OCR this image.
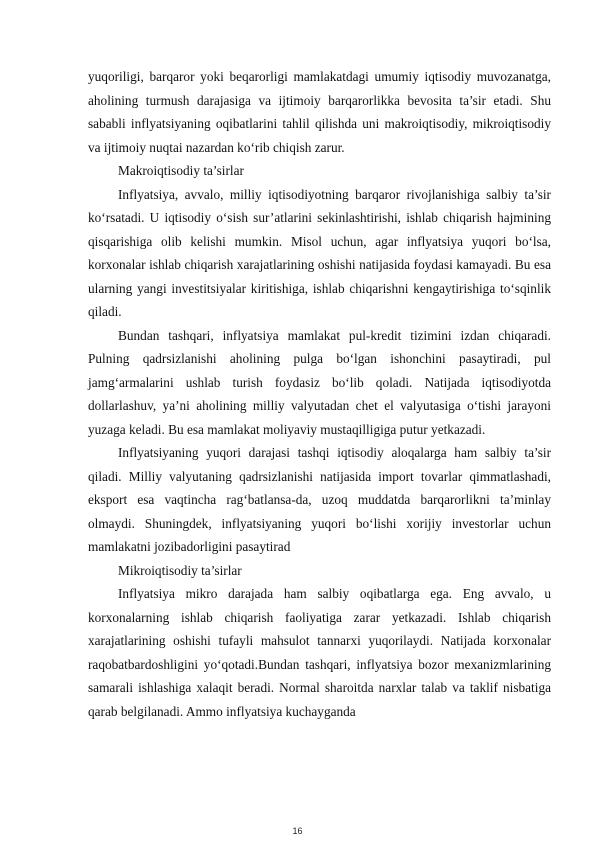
yuqoriligi, barqaror yoki beqarorligi mamlakatdagi umumiy iqtisodiy muvozanatga, aholining turmush darajasiga va ijtimoiy barqarorlikka bevosita ta’sir etadi. Shu sababli inflyatsiyaning oqibatlarini tahlil qilishda uni makroiqtisodiy, mikroiqtisodiy va ijtimoiy nuqtai nazardan ko‘rib chiqish zarur.

Makroiqtisodiy ta’sirlar

Inflyatsiya, avvalo, milliy iqtisodiyotning barqaror rivojlanishiga salbiy ta’sir ko‘rsatadi. U iqtisodiy o‘sish sur’atlarini sekinlashtirishi, ishlab chiqarish hajmining qisqarishiga olib kelishi mumkin. Misol uchun, agar inflyatsiya yuqori bo‘lsa, korxonalar ishlab chiqarish xarajatlarining oshishi natijasida foydasi kamayadi. Bu esa ularning yangi investitsiyalar kiritishiga, ishlab chiqarishni kengaytirishiga to‘sqinlik qiladi.

Bundan tashqari, inflyatsiya mamlakat pul-kredit tizimini izdan chiqaradi. Pulning qadrsizlanishi aholining pulga bo‘lgan ishonchini pasaytiradi, pul jamg‘armalarini ushlab turish foydasiz bo‘lib qoladi. Natijada iqtisodiyotda dollarlashuv, ya’ni aholining milliy valyutadan chet el valyutasiga o‘tishi jarayoni yuzaga keladi. Bu esa mamlakat moliyaviy mustaqilligiga putur yetkazadi.

Inflyatsiyaning yuqori darajasi tashqi iqtisodiy aloqalarga ham salbiy ta’sir qiladi. Milliy valyutaning qadrsizlanishi natijasida import tovarlar qimmatlashadi, eksport esa vaqtincha rag‘batlansa-da, uzoq muddatda barqarorlikni ta’minlay olmaydi. Shuningdek, inflyatsiyaning yuqori bo‘lishi xorijiy investorlar uchun mamlakatni jozibadorligini pasaytirad

Mikroiqtisodiy ta’sirlar

Inflyatsiya mikro darajada ham salbiy oqibatlarga ega. Eng avvalo, u korxonalarning ishlab chiqarish faoliyatiga zarar yetkazadi. Ishlab chiqarish xarajatlarining oshishi tufayli mahsulot tannarxi yuqorilaydi. Natijada korxonalar raqobatbardoshligini yo‘qotadi.Bundan tashqari, inflyatsiya bozor mexanizmlarining samarali ishlashiga xalaqit beradi. Normal sharoitda narxlar talab va taklif nisbatiga qarab belgilanadi. Ammo inflyatsiya kuchayganda

16
